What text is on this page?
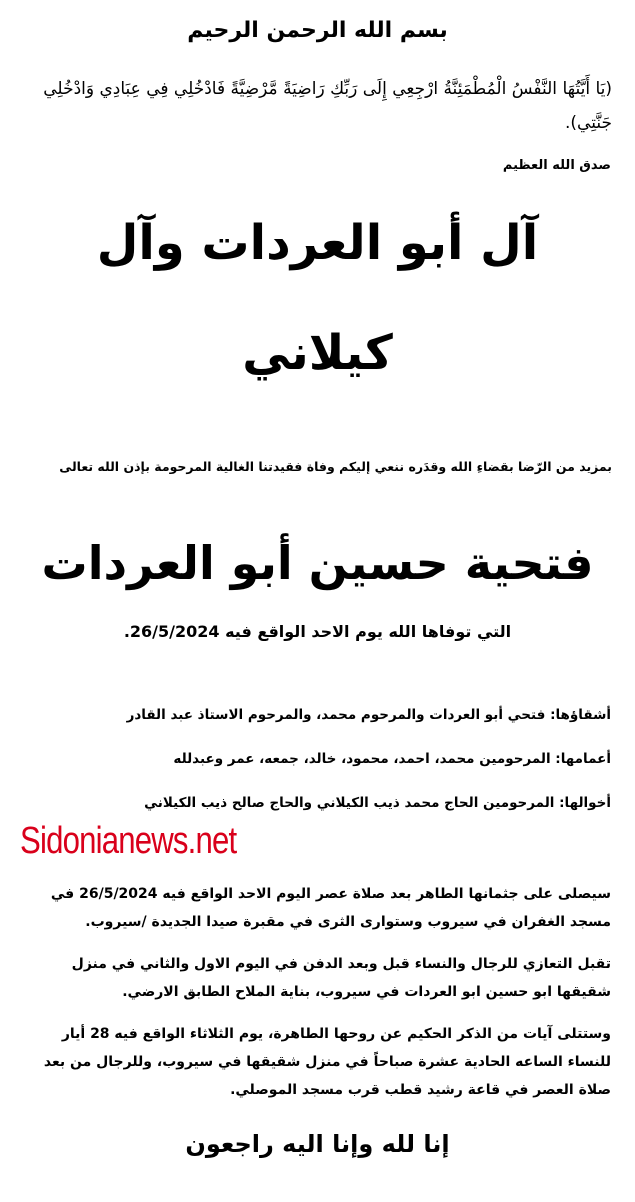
بسم الله الرحمن الرحيم
(يَا أَيَّتُهَا النَّفْسُ الْمُطْمَئِنَّةُ ارْجِعِي إِلَى رَبِّكِ رَاضِيَةً مَّرْضِيَّةً فَادْخُلِي فِي عِبَادِي وَادْخُلِي جَنَّتِي).
صدق الله العظيم
آل أبو العردات وآل
كيلاني
بمزيد من الرّضا بقضاءِ الله وقدَره ننعي إليكم وفاة فقيدتنا الغالية المرحومة بإذن الله تعالى
فتحية حسين أبو العردات
التي توفاها الله يوم الاحد الواقع فيه 26/5/2024.
أشقاؤها: فتحي أبو العردات والمرحوم محمد، والمرحوم الاستاذ عبد القادر
أعمامها: المرحومين محمد، احمد، محمود، خالد، جمعه، عمر وعبدلله
أخوالها: المرحومين الحاج محمد ذيب الكيلاني والحاج صالح ذيب الكيلاني
Sidonianews.net

سيصلى على جثمانها الطاهر بعد صلاة عصر اليوم الاحد الواقع فيه 26/5/2024 في مسجد الغفران في سيروب وستوارى الثرى في مقبرة صيدا الجديدة /سيروب.

تقبل التعازي للرجال والنساء قبل وبعد الدفن في اليوم الاول والثاني في منزل شقيقها ابو حسين ابو العردات في سيروب، بناية الملاح الطابق الارضي.

وستتلى آيات من الذكر الحكيم عن روحها الطاهرة، يوم الثلاثاء الواقع فيه 28 أيار للنساء الساعه الحادية عشرة صباحاً في منزل شقيقها في سيروب، وللرجال من بعد صلاة العصر في قاعة رشيد قطب قرب مسجد الموصلي.

إنا لله وإنا اليه راجعون
